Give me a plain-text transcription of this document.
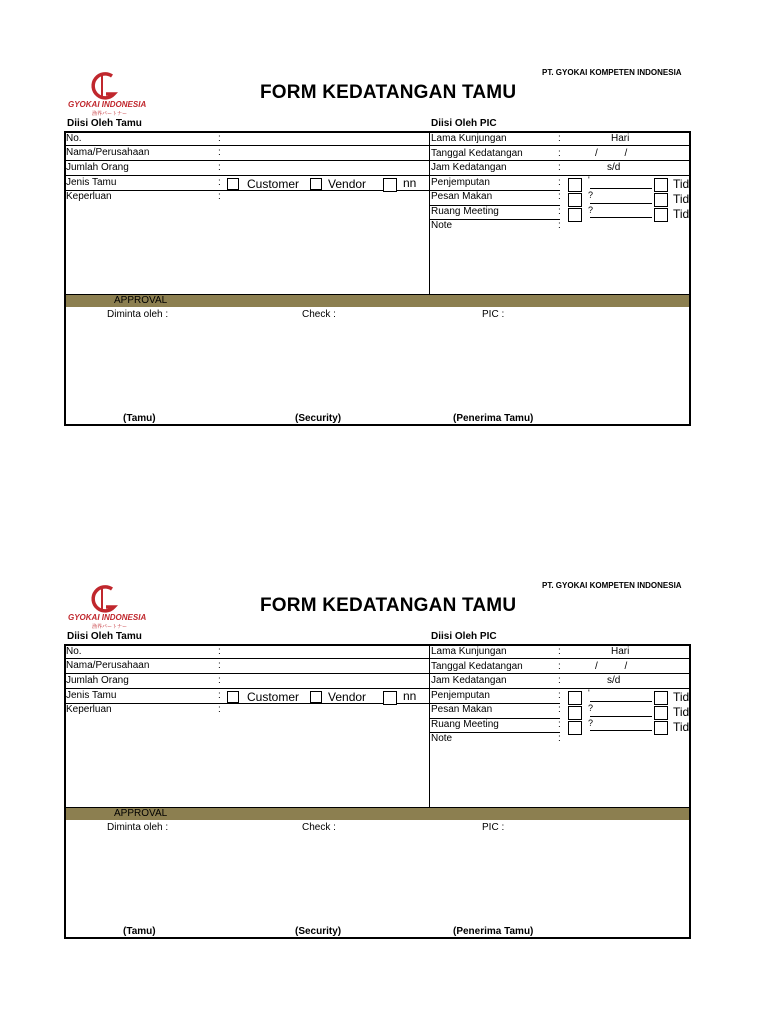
PT. GYOKAI KOMPETEN INDONESIA
GYOKAI INDONESIA
漁界パートナー
FORM KEDATANGAN TAMU
Diisi Oleh Tamu	Diisi Oleh PIC
No.	:
Nama/Perusahaan	:
Jumlah Orang	:
Jenis Tamu	: Customer Vendor	nn
Keperluan	:
Lama Kunjungan	:	Hari
Tanggal Kedatangan	:	/ /
Jam Kedatangan	:	s/d
Penjemputan	:	'	Tid
Pesan Makan	:	?	Tid
Ruang Meeting	:	?	Tid
Note	:
APPROVAL
Diminta oleh :	Check :	PIC :
(Tamu)	(Security)	(Penerima Tamu)
PT. GYOKAI KOMPETEN INDONESIA
GYOKAI INDONESIA
漁界パートナー
FORM KEDATANGAN TAMU
Diisi Oleh Tamu	Diisi Oleh PIC
No.	:
Nama/Perusahaan	:
Jumlah Orang	:
Jenis Tamu	: Customer Vendor	nn
Keperluan	:
Lama Kunjungan	:	Hari
Tanggal Kedatangan	:	/ /
Jam Kedatangan	:	s/d
Penjemputan	:	'	Tid
Pesan Makan	:	?	Tid
Ruang Meeting	:	?	Tid
Note	:
APPROVAL
Diminta oleh :	Check :	PIC :
(Tamu)	(Security)	(Penerima Tamu)
